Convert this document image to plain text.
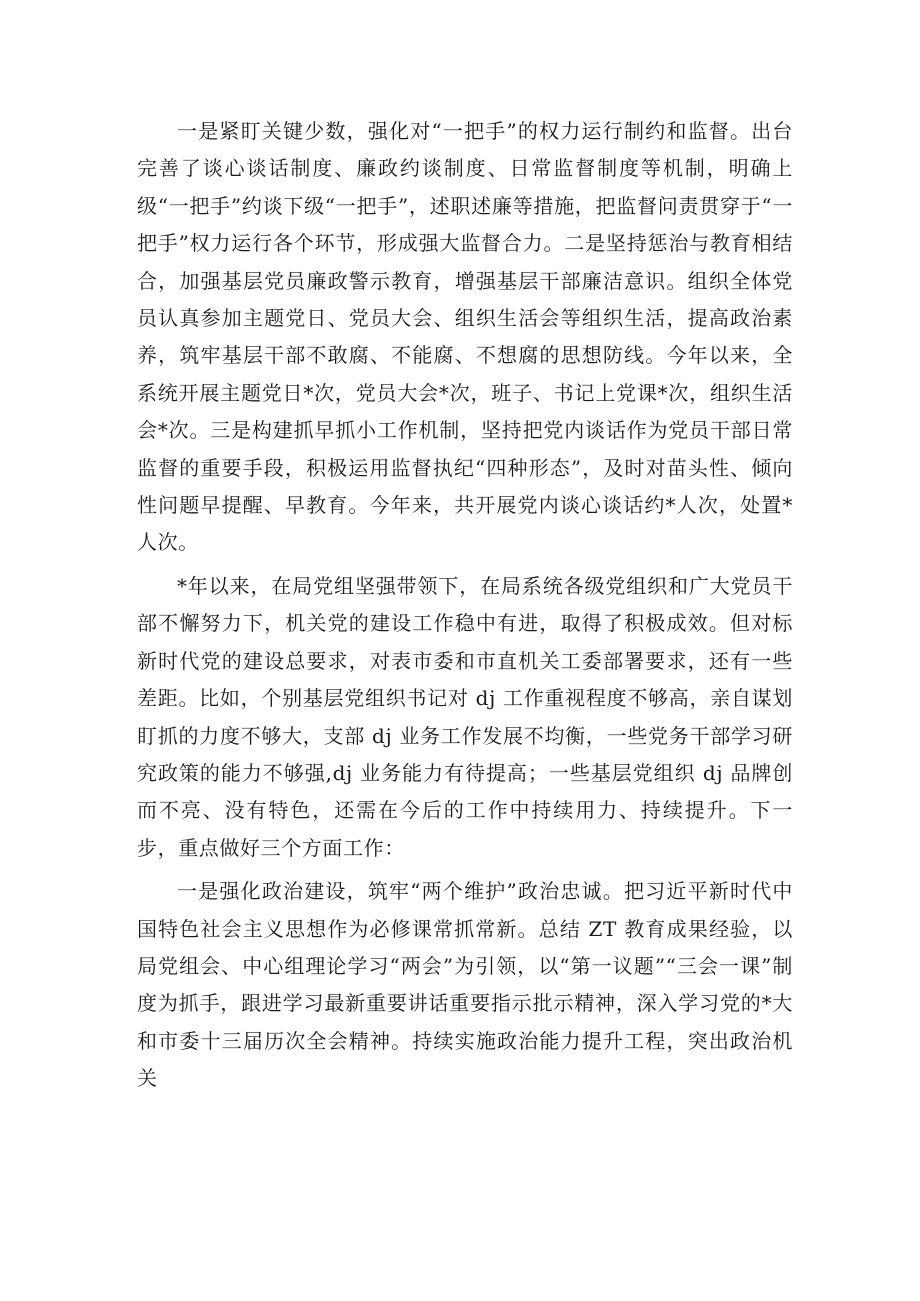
一是紧盯关键少数，强化对“一把手”的权力运行制约和监督。出台完善了谈心谈话制度、廉政约谈制度、日常监督制度等机制，明确上级“一把手”约谈下级“一把手”，述职述廉等措施，把监督问责贯穿于“一把手”权力运行各个环节，形成强大监督合力。二是坚持惩治与教育相结合，加强基层党员廉政警示教育，增强基层干部廉洁意识。组织全体党员认真参加主题党日、党员大会、组织生活会等组织生活，提高政治素养，筑牢基层干部不敢腐、不能腐、不想腐的思想防线。今年以来，全系统开展主题党日*次，党员大会*次，班子、书记上党课*次，组织生活会*次。三是构建抓早抓小工作机制，坚持把党内谈话作为党员干部日常监督的重要手段，积极运用监督执纪“四种形态”，及时对苗头性、倾向性问题早提醒、早教育。今年来，共开展党内谈心谈话约*人次，处置*人次。

*年以来，在局党组坚强带领下，在局系统各级党组织和广大党员干部不懈努力下，机关党的建设工作稳中有进，取得了积极成效。但对标新时代党的建设总要求，对表市委和市直机关工委部署要求，还有一些差距。比如，个别基层党组织书记对 dj 工作重视程度不够高，亲自谋划盯抓的力度不够大，支部 dj 业务工作发展不均衡，一些党务干部学习研究政策的能力不够强,dj 业务能力有待提高；一些基层党组织 dj 品牌创而不亮、没有特色，还需在今后的工作中持续用力、持续提升。下一步，重点做好三个方面工作：

一是强化政治建设，筑牢“两个维护”政治忠诚。把习近平新时代中国特色社会主义思想作为必修课常抓常新。总结 ZT 教育成果经验，以局党组会、中心组理论学习“两会”为引领，以“第一议题”“三会一课”制度为抓手，跟进学习最新重要讲话重要指示批示精神，深入学习党的*大和市委十三届历次全会精神。持续实施政治能力提升工程，突出政治机关
